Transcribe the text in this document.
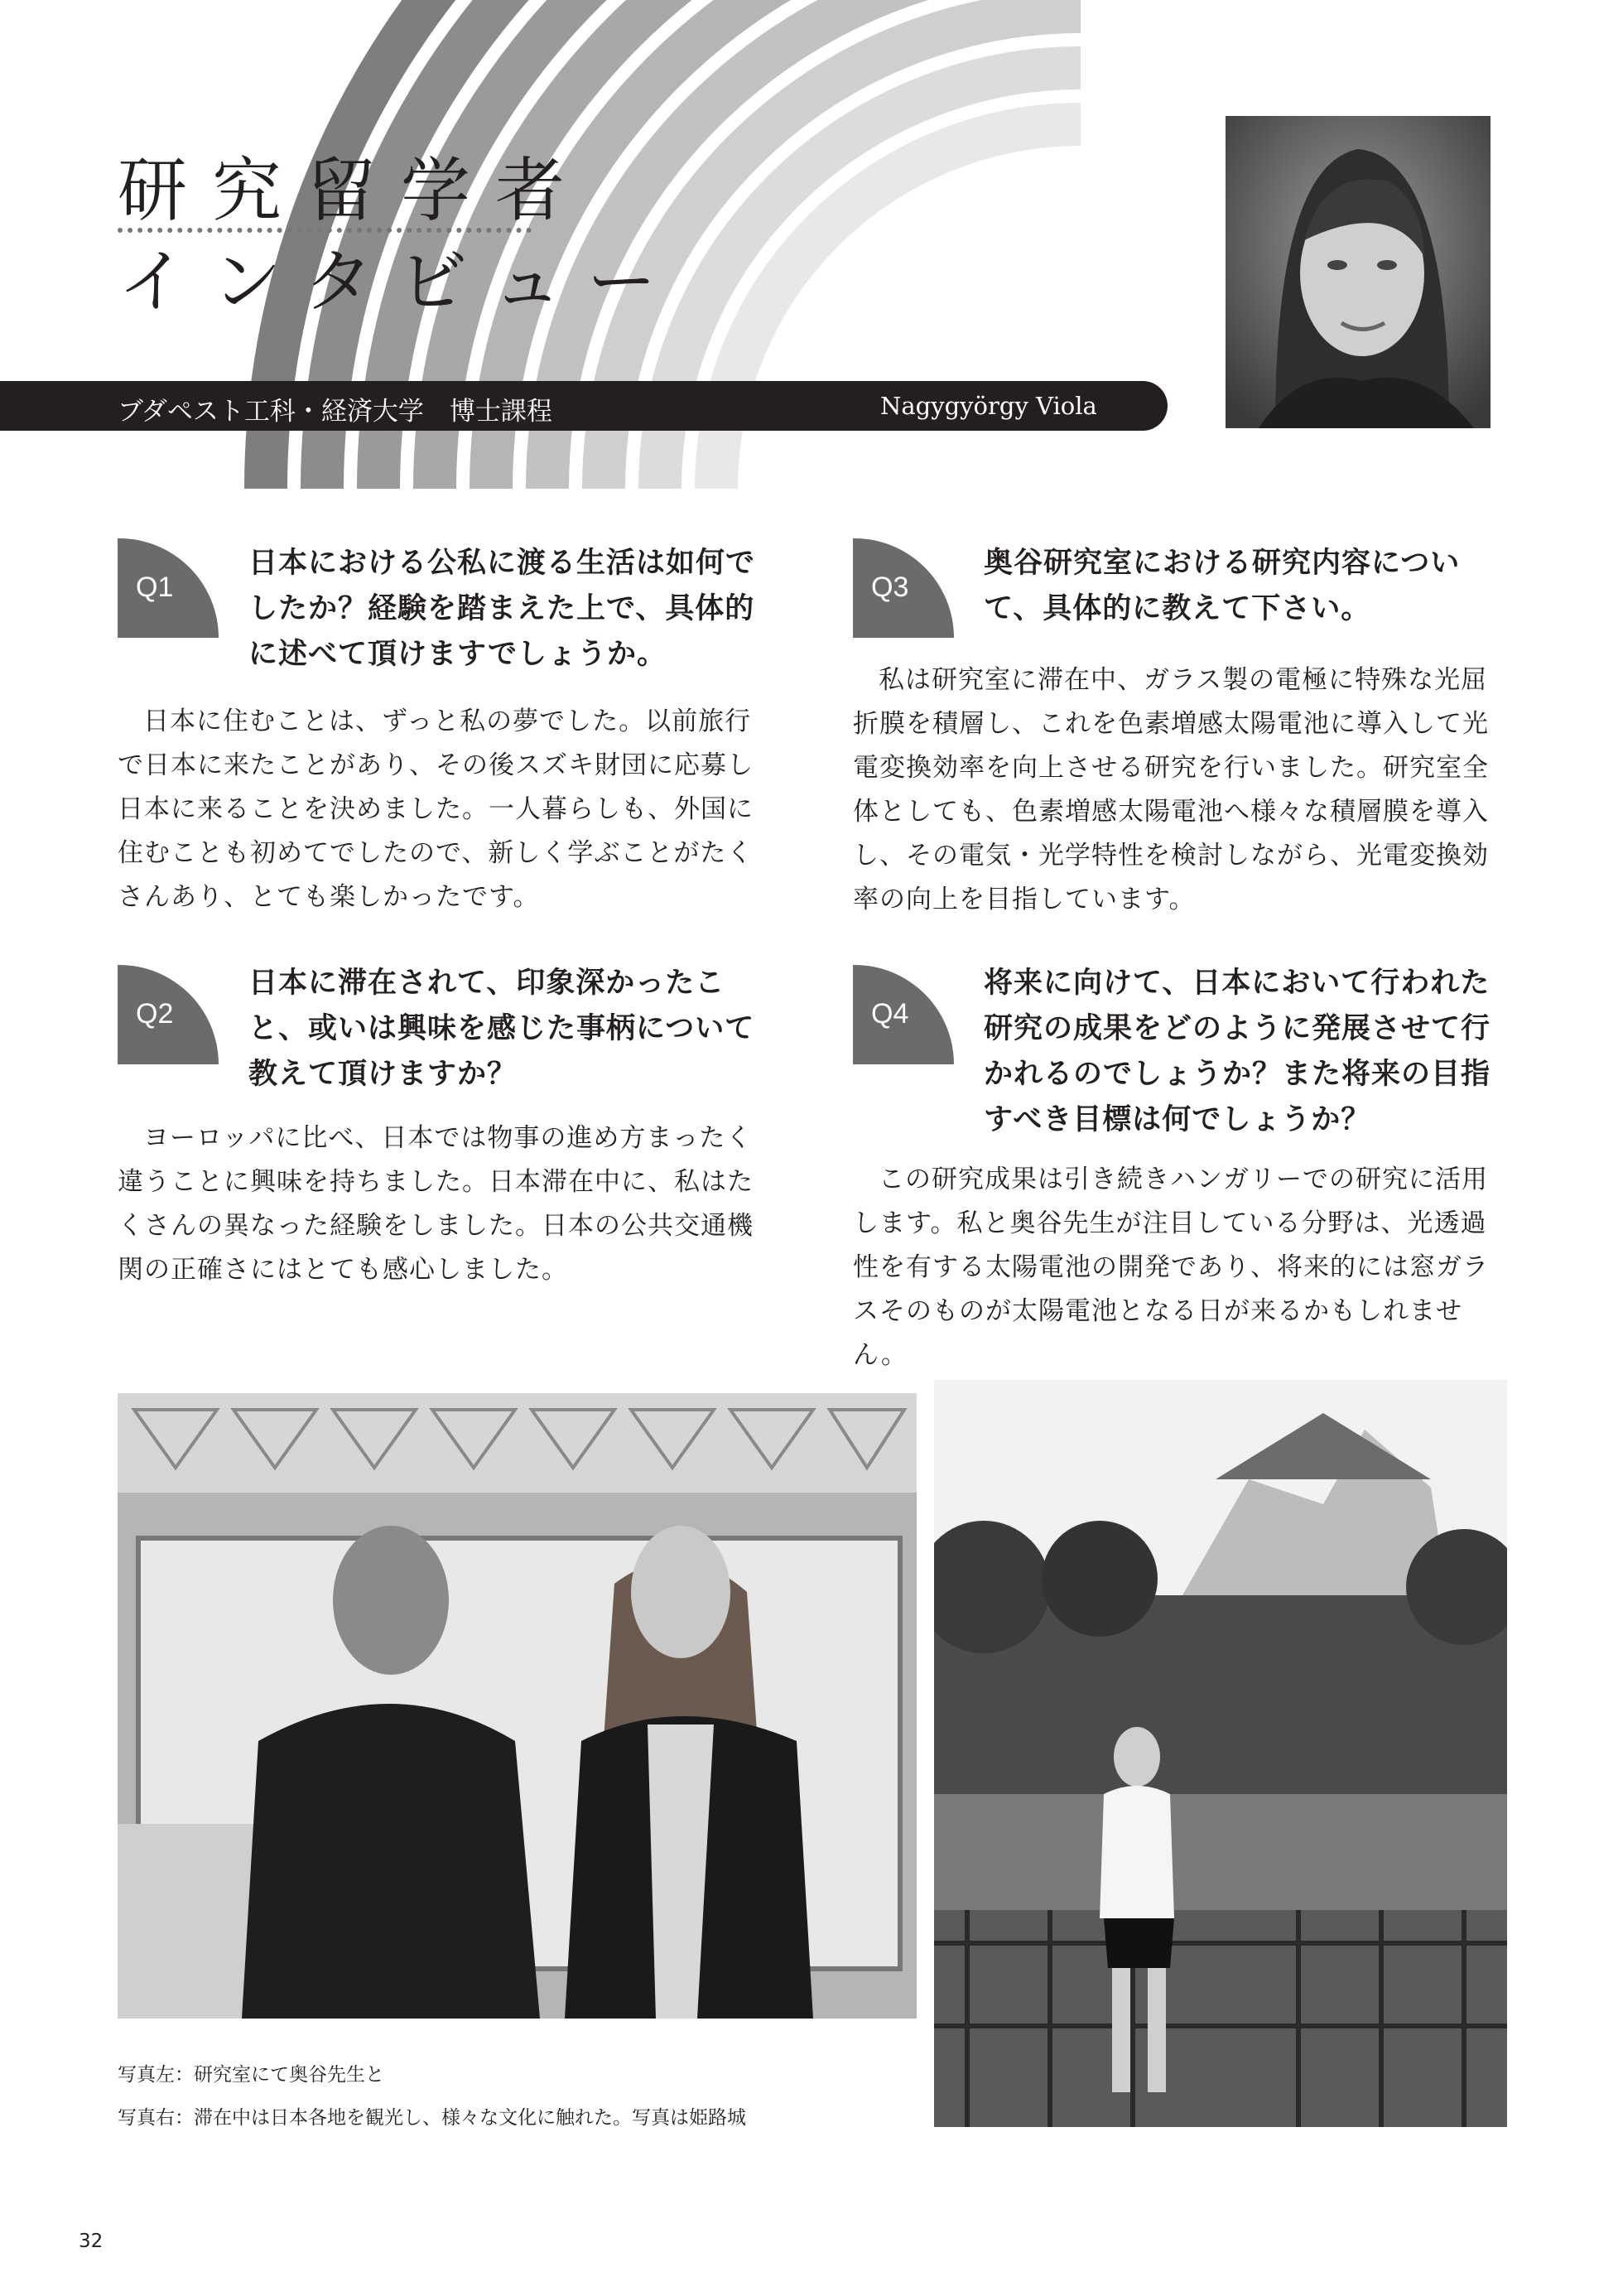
研究留学者
インタビュー
ブダペスト工科・経済大学　博士課程	Nagygyörgy Viola
Q1
日本における公私に渡る生活は如何でしたか？経験を踏まえた上で、具体的に述べて頂けますでしょうか。

日本に住むことは、ずっと私の夢でした。以前旅行で日本に来たことがあり、その後スズキ財団に応募し日本に来ることを決めました。一人暮らしも、外国に住むことも初めてでしたので、新しく学ぶことがたくさんあり、とても楽しかったです。

Q2
日本に滞在されて、印象深かったこと、或いは興味を感じた事柄について教えて頂けますか？

ヨーロッパに比べ、日本では物事の進め方まったく違うことに興味を持ちました。日本滞在中に、私はたくさんの異なった経験をしました。日本の公共交通機関の正確さにはとても感心しました。

Q3
奥谷研究室における研究内容について、具体的に教えて下さい。

私は研究室に滞在中、ガラス製の電極に特殊な光屈折膜を積層し、これを色素増感太陽電池に導入して光電変換効率を向上させる研究を行いました。研究室全体としても、色素増感太陽電池へ様々な積層膜を導入し、その電気・光学特性を検討しながら、光電変換効率の向上を目指しています。

Q4
将来に向けて、日本において行われた研究の成果をどのように発展させて行かれるのでしょうか？また将来の目指すべき目標は何でしょうか？

この研究成果は引き続きハンガリーでの研究に活用します。私と奥谷先生が注目している分野は、光透過性を有する太陽電池の開発であり、将来的には窓ガラスそのものが太陽電池となる日が来るかもしれません。

写真左：研究室にて奥谷先生と
写真右：滞在中は日本各地を観光し、様々な文化に触れた。写真は姫路城
32
